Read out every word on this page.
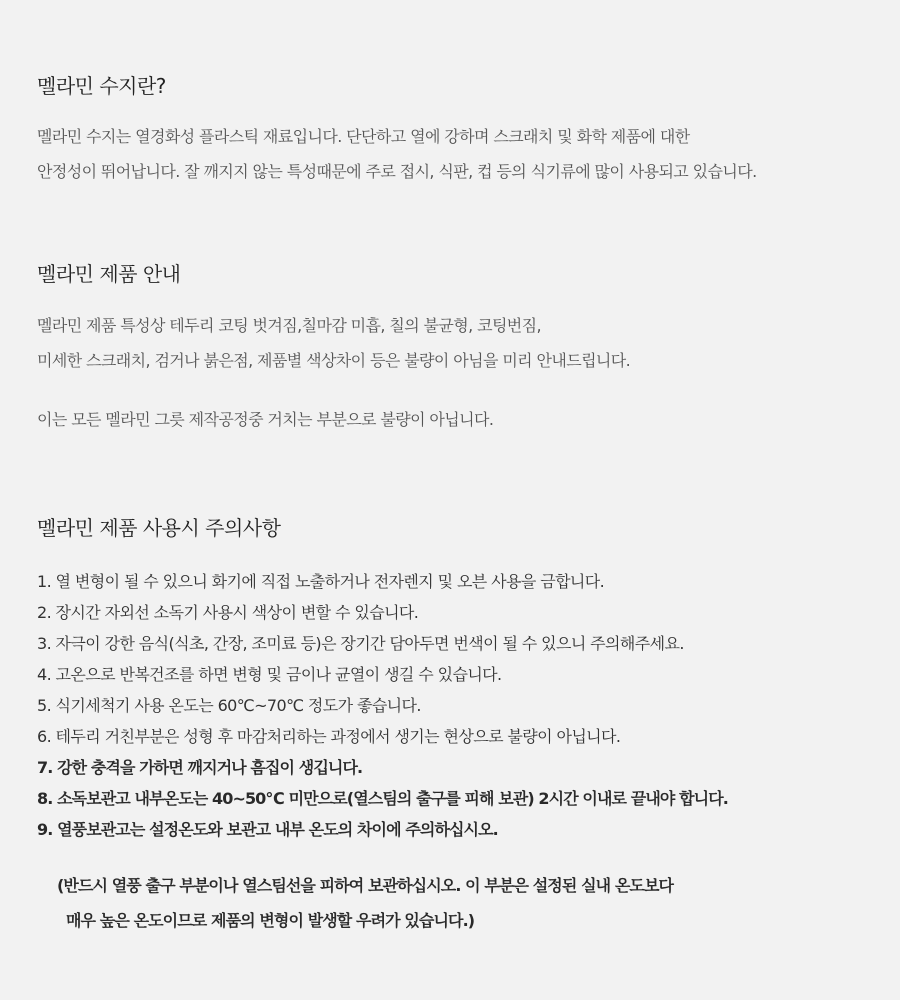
멜라민 수지란?

멜라민 수지는 열경화성 플라스틱 재료입니다. 단단하고 열에 강하며 스크래치 및 화학 제품에 대한

안정성이 뛰어납니다. 잘 깨지지 않는 특성때문에 주로 접시, 식판, 컵 등의 식기류에 많이 사용되고 있습니다.

멜라민 제품 안내

멜라민 제품 특성상 테두리 코팅 벗겨짐,칠마감 미흡, 칠의 불균형, 코팅번짐,

미세한 스크래치, 검거나 붉은점, 제품별 색상차이 등은 불량이 아님을 미리 안내드립니다.

이는 모든 멜라민 그릇 제작공정중 거치는 부분으로 불량이 아닙니다.

멜라민 제품 사용시 주의사항
1. 열 변형이 될 수 있으니 화기에 직접 노출하거나 전자렌지 및 오븐 사용을 금합니다.
2. 장시간 자외선 소독기 사용시 색상이 변할 수 있습니다.
3. 자극이 강한 음식(식초, 간장, 조미료 등)은 장기간 담아두면 번색이 될 수 있으니 주의해주세요.
4. 고온으로 반복건조를 하면 변형 및 금이나 균열이 생길 수 있습니다.
5. 식기세척기 사용 온도는 60℃~70℃ 정도가 좋습니다.
6. 테두리 거친부분은 성형 후 마감처리하는 과정에서 생기는 현상으로 불량이 아닙니다.
7. 강한 충격을 가하면 깨지거나 흠집이 생깁니다.
8. 소독보관고 내부온도는 40~50℃ 미만으로(열스팀의 출구를 피해 보관) 2시간 이내로 끝내야 합니다.
9. 열풍보관고는 설정온도와 보관고 내부 온도의 차이에 주의하십시오.

(반드시 열풍 출구 부분이나 열스팀선을 피하여 보관하십시오. 이 부분은 설정된 실내 온도보다

매우 높은 온도이므로 제품의 변형이 발생할 우려가 있습니다.)
